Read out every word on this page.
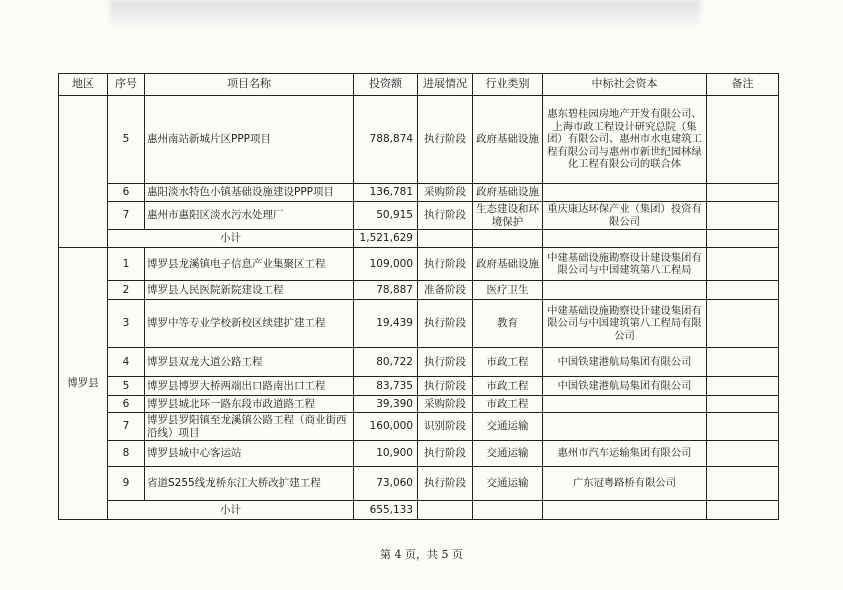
地区	序号	项目名称	投资额	进展情况	行业类别	中标社会资本	备注
	5	惠州南站新城片区PPP项目	788,874	执行阶段	政府基础设施	惠东碧桂园房地产开发有限公司、上海市政工程设计研究总院（集团）有限公司、惠州市水电建筑工程有限公司与惠州市新世纪园林绿化工程有限公司的联合体	
	6	惠阳淡水特色小镇基础设施建设PPP项目	136,781	采购阶段	政府基础设施		
	7	惠州市惠阳区淡水污水处理厂	50,915	执行阶段	生态建设和环境保护	重庆康达环保产业（集团）投资有限公司	
	小计		1,521,629				
博罗县	1	博罗县龙溪镇电子信息产业集聚区工程	109,000	执行阶段	政府基础设施	中建基础设施勘察设计建设集团有限公司与中国建筑第八工程局	
	2	博罗县人民医院新院建设工程	78,887	准备阶段	医疗卫生		
	3	博罗中等专业学校新校区续建扩建工程	19,439	执行阶段	教育	中建基础设施勘察设计建设集团有限公司与中国建筑第八工程局有限公司	
	4	博罗县双龙大道公路工程	80,722	执行阶段	市政工程	中国铁建港航局集团有限公司	
	5	博罗县博罗大桥两端出口路南出口工程	83,735	执行阶段	市政工程	中国铁建港航局集团有限公司	
	6	博罗县城北环一路东段市政道路工程	39,390	采购阶段	市政工程		
	7	博罗县罗阳镇至龙溪镇公路工程（商业街西沿线）项目	160,000	识别阶段	交通运输		
	8	博罗县城中心客运站	10,900	执行阶段	交通运输	惠州市汽车运输集团有限公司	
	9	省道S255线龙桥东江大桥改扩建工程	73,060	执行阶段	交通运输	广东冠粤路桥有限公司	
	小计		655,133				
第 4 页，共 5 页
